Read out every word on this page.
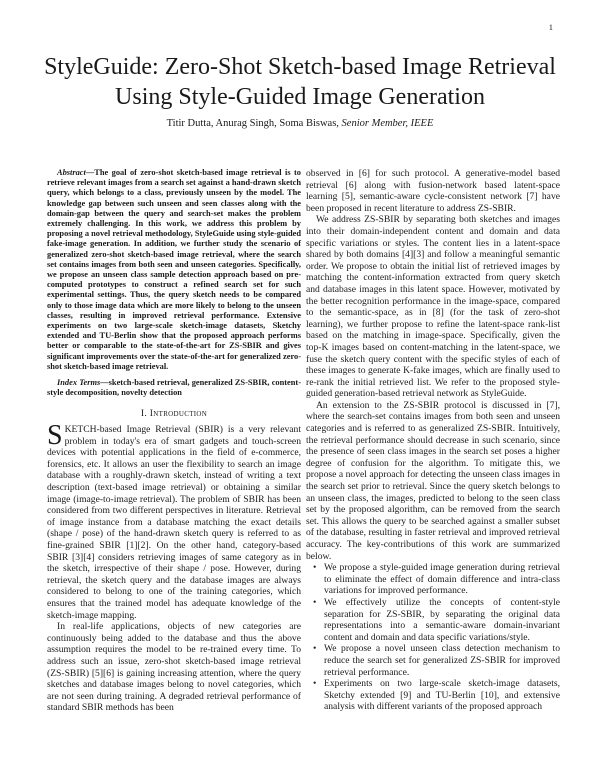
1
StyleGuide: Zero-Shot Sketch-based Image Retrieval Using Style-Guided Image Generation

Titir Dutta, Anurag Singh, Soma Biswas, Senior Member, IEEE

Abstract—The goal of zero-shot sketch-based image retrieval is to retrieve relevant images from a search set against a hand-drawn sketch query, which belongs to a class, previously unseen by the model. The knowledge gap between such unseen and seen classes along with the domain-gap between the query and search-set makes the problem extremely challenging. In this work, we address this problem by proposing a novel retrieval methodology, StyleGuide using style-guided fake-image generation. In addition, we further study the scenario of generalized zero-shot sketch-based image retrieval, where the search set contains images from both seen and unseen categories. Specifically, we propose an unseen class sample detection approach based on pre-computed prototypes to construct a refined search set for such experimental settings. Thus, the query sketch needs to be compared only to those image data which are more likely to belong to the unseen classes, resulting in improved retrieval performance. Extensive experiments on two large-scale sketch-image datasets, Sketchy extended and TU-Berlin show that the proposed approach performs better or comparable to the state-of-the-art for ZS-SBIR and gives significant improvements over the state-of-the-art for generalized zero-shot sketch-based image retrieval.

Index Terms—sketch-based retrieval, generalized ZS-SBIR, content-style decomposition, novelty detection

I. Introduction

SKETCH-based Image Retrieval (SBIR) is a very relevant problem in today's era of smart gadgets and touch-screen devices with potential applications in the field of e-commerce, forensics, etc. It allows an user the flexibility to search an image database with a roughly-drawn sketch, instead of writing a text description (text-based image retrieval) or obtaining a similar image (image-to-image retrieval). The problem of SBIR has been considered from two different perspectives in literature. Retrieval of image instance from a database matching the exact details (shape / pose) of the hand-drawn sketch query is referred to as fine-grained SBIR [1][2]. On the other hand, category-based SBIR [3][4] considers retrieving images of same category as in the sketch, irrespective of their shape / pose. However, during retrieval, the sketch query and the database images are always considered to belong to one of the training categories, which ensures that the trained model has adequate knowledge of the sketch-image mapping.

In real-life applications, objects of new categories are continuously being added to the database and thus the above assumption requires the model to be re-trained every time. To address such an issue, zero-shot sketch-based image retrieval (ZS-SBIR) [5][6] is gaining increasing attention, where the query sketches and database images belong to novel categories, which are not seen during training. A degraded retrieval performance of standard SBIR methods has been

observed in [6] for such protocol. A generative-model based retrieval [6] along with fusion-network based latent-space learning [5], semantic-aware cycle-consistent network [7] have been proposed in recent literature to address ZS-SBIR.

We address ZS-SBIR by separating both sketches and images into their domain-independent content and domain and data specific variations or styles. The content lies in a latent-space shared by both domains [4][3] and follow a meaningful semantic order. We propose to obtain the initial list of retrieved images by matching the content-information extracted from query sketch and database images in this latent space. However, motivated by the better recognition performance in the image-space, compared to the semantic-space, as in [8] (for the task of zero-shot learning), we further propose to refine the latent-space rank-list based on the matching in image-space. Specifically, given the top-K images based on content-matching in the latent-space, we fuse the sketch query content with the specific styles of each of these images to generate K-fake images, which are finally used to re-rank the initial retrieved list. We refer to the proposed style-guided generation-based retrieval network as StyleGuide.

An extension to the ZS-SBIR protocol is discussed in [7], where the search-set contains images from both seen and unseen categories and is referred to as generalized ZS-SBIR. Intuitively, the retrieval performance should decrease in such scenario, since the presence of seen class images in the search set poses a higher degree of confusion for the algorithm. To mitigate this, we propose a novel approach for detecting the unseen class images in the search set prior to retrieval. Since the query sketch belongs to an unseen class, the images, predicted to belong to the seen class set by the proposed algorithm, can be removed from the search set. This allows the query to be searched against a smaller subset of the database, resulting in faster retrieval and improved retrieval accuracy. The key-contributions of this work are summarized below.

• We propose a style-guided image generation during retrieval to eliminate the effect of domain difference and intra-class variations for improved performance.
• We effectively utilize the concepts of content-style separation for ZS-SBIR, by separating the original data representations into a semantic-aware domain-invariant content and domain and data specific variations/style.
• We propose a novel unseen class detection mechanism to reduce the search set for generalized ZS-SBIR for improved retrieval performance.
• Experiments on two large-scale sketch-image datasets, Sketchy extended [9] and TU-Berlin [10], and extensive analysis with different variants of the proposed approach
